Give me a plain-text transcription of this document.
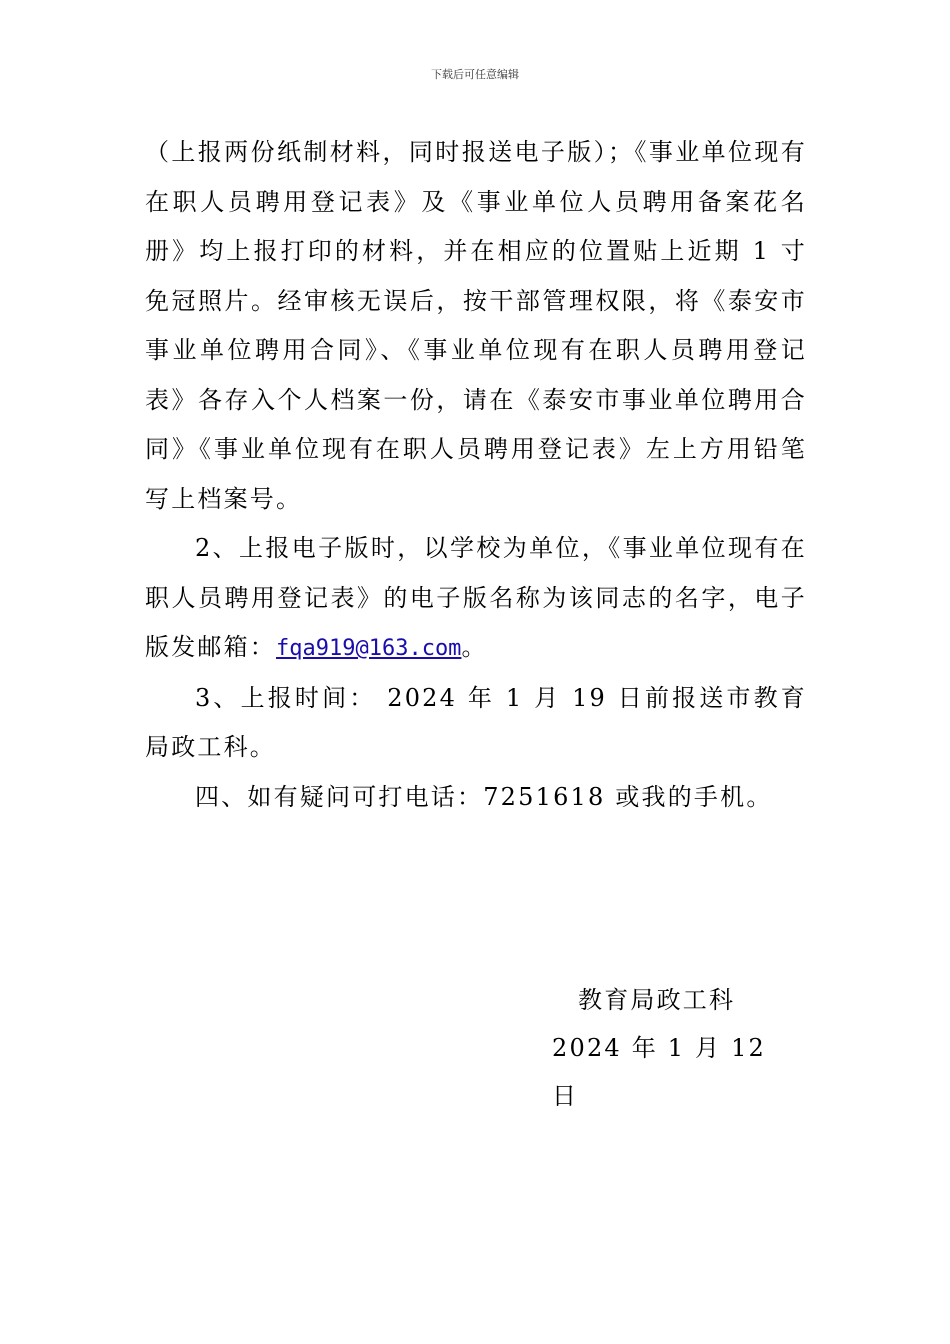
下载后可任意编辑

（上报两份纸制材料，同时报送电子版）；《事业单位现有在职人员聘用登记表》及《事业单位人员聘用备案花名册》均上报打印的材料，并在相应的位置贴上近期 1 寸免冠照片。经审核无误后，按干部管理权限，将《泰安市事业单位聘用合同》、《事业单位现有在职人员聘用登记表》各存入个人档案一份，请在《泰安市事业单位聘用合同》《事业单位现有在职人员聘用登记表》左上方用铅笔写上档案号。

2、上报电子版时，以学校为单位，《事业单位现有在职人员聘用登记表》的电子版名称为该同志的名字，电子版发邮箱：fqa919@163.com。

3、上报时间： 2024 年 1 月 19 日前报送市教育局政工科。

四、如有疑问可打电话：7251618 或我的手机。

教育局政工科
2024 年 1 月 12 日
